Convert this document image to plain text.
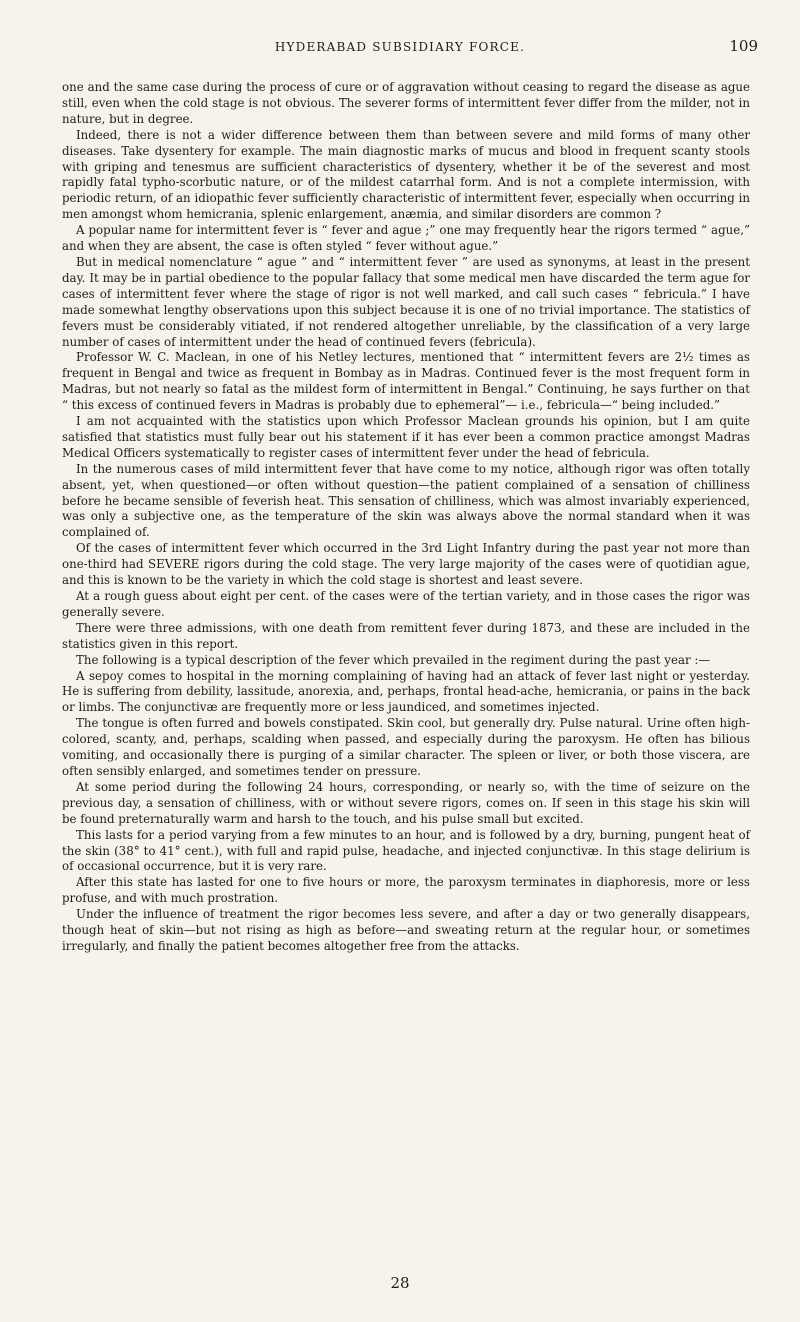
HYDERABAD SUBSIDIARY FORCE.	109

one and the same case during the process of cure or of aggravation without ceasing to regard the disease as ague still, even when the cold stage is not obvious. The severer forms of intermittent fever differ from the milder, not in nature, but in degree.

Indeed, there is not a wider difference between them than between severe and mild forms of many other diseases. Take dysentery for example. The main diagnostic marks of mucus and blood in frequent scanty stools with griping and tenesmus are sufficient characteristics of dysentery, whether it be of the severest and most rapidly fatal typho-scorbutic nature, or of the mildest catarrhal form. And is not a complete intermission, with periodic return, of an idiopathic fever sufficiently characteristic of intermittent fever, especially when occurring in men amongst whom hemicrania, splenic enlargement, anæmia, and similar disorders are common ?

A popular name for intermittent fever is “ fever and ague ;” one may frequently hear the rigors termed “ ague,” and when they are absent, the case is often styled “ fever without ague.”

But in medical nomenclature “ ague ” and “ intermittent fever ” are used as synonyms, at least in the present day. It may be in partial obedience to the popular fallacy that some medical men have discarded the term ague for cases of intermittent fever where the stage of rigor is not well marked, and call such cases “ febricula.” I have made somewhat lengthy observations upon this subject because it is one of no trivial importance. The statistics of fevers must be considerably vitiated, if not rendered altogether unreliable, by the classification of a very large number of cases of intermittent under the head of continued fevers (febricula).

Professor W. C. Maclean, in one of his Netley lectures, mentioned that “ intermittent fevers are 2½ times as frequent in Bengal and twice as frequent in Bombay as in Madras. Continued fever is the most frequent form in Madras, but not nearly so fatal as the mildest form of intermittent in Bengal.” Continuing, he says further on that “ this excess of continued fevers in Madras is probably due to ephemeral”— i.e., febricula—“ being included.”

I am not acquainted with the statistics upon which Professor Maclean grounds his opinion, but I am quite satisfied that statistics must fully bear out his statement if it has ever been a common practice amongst Madras Medical Officers systematically to register cases of intermittent fever under the head of febricula.

In the numerous cases of mild intermittent fever that have come to my notice, although rigor was often totally absent, yet, when questioned—or often without question—the patient complained of a sensation of chilliness before he became sensible of feverish heat. This sensation of chilliness, which was almost invariably experienced, was only a subjective one, as the temperature of the skin was always above the normal standard when it was complained of.

Of the cases of intermittent fever which occurred in the 3rd Light Infantry during the past year not more than one-third had SEVERE rigors during the cold stage. The very large majority of the cases were of quotidian ague, and this is known to be the variety in which the cold stage is shortest and least severe.

At a rough guess about eight per cent. of the cases were of the tertian variety, and in those cases the rigor was generally severe.

There were three admissions, with one death from remittent fever during 1873, and these are included in the statistics given in this report.

The following is a typical description of the fever which prevailed in the regiment during the past year :—

A sepoy comes to hospital in the morning complaining of having had an attack of fever last night or yesterday. He is suffering from debility, lassitude, anorexia, and, perhaps, frontal head-ache, hemicrania, or pains in the back or limbs. The conjunctivæ are frequently more or less jaundiced, and sometimes injected.

The tongue is often furred and bowels constipated. Skin cool, but generally dry. Pulse natural. Urine often high-colored, scanty, and, perhaps, scalding when passed, and especially during the paroxysm. He often has bilious vomiting, and occasionally there is purging of a similar character. The spleen or liver, or both those viscera, are often sensibly enlarged, and sometimes tender on pressure.

At some period during the following 24 hours, corresponding, or nearly so, with the time of seizure on the previous day, a sensation of chilliness, with or without severe rigors, comes on. If seen in this stage his skin will be found preternaturally warm and harsh to the touch, and his pulse small but excited.

This lasts for a period varying from a few minutes to an hour, and is followed by a dry, burning, pungent heat of the skin (38° to 41° cent.), with full and rapid pulse, headache, and injected conjunctivæ. In this stage delirium is of occasional occurrence, but it is very rare.

After this state has lasted for one to five hours or more, the paroxysm terminates in diaphoresis, more or less profuse, and with much prostration.

Under the influence of treatment the rigor becomes less severe, and after a day or two generally disappears, though heat of skin—but not rising as high as before—and sweating return at the regular hour, or sometimes irregularly, and finally the patient becomes altogether free from the attacks.

28
